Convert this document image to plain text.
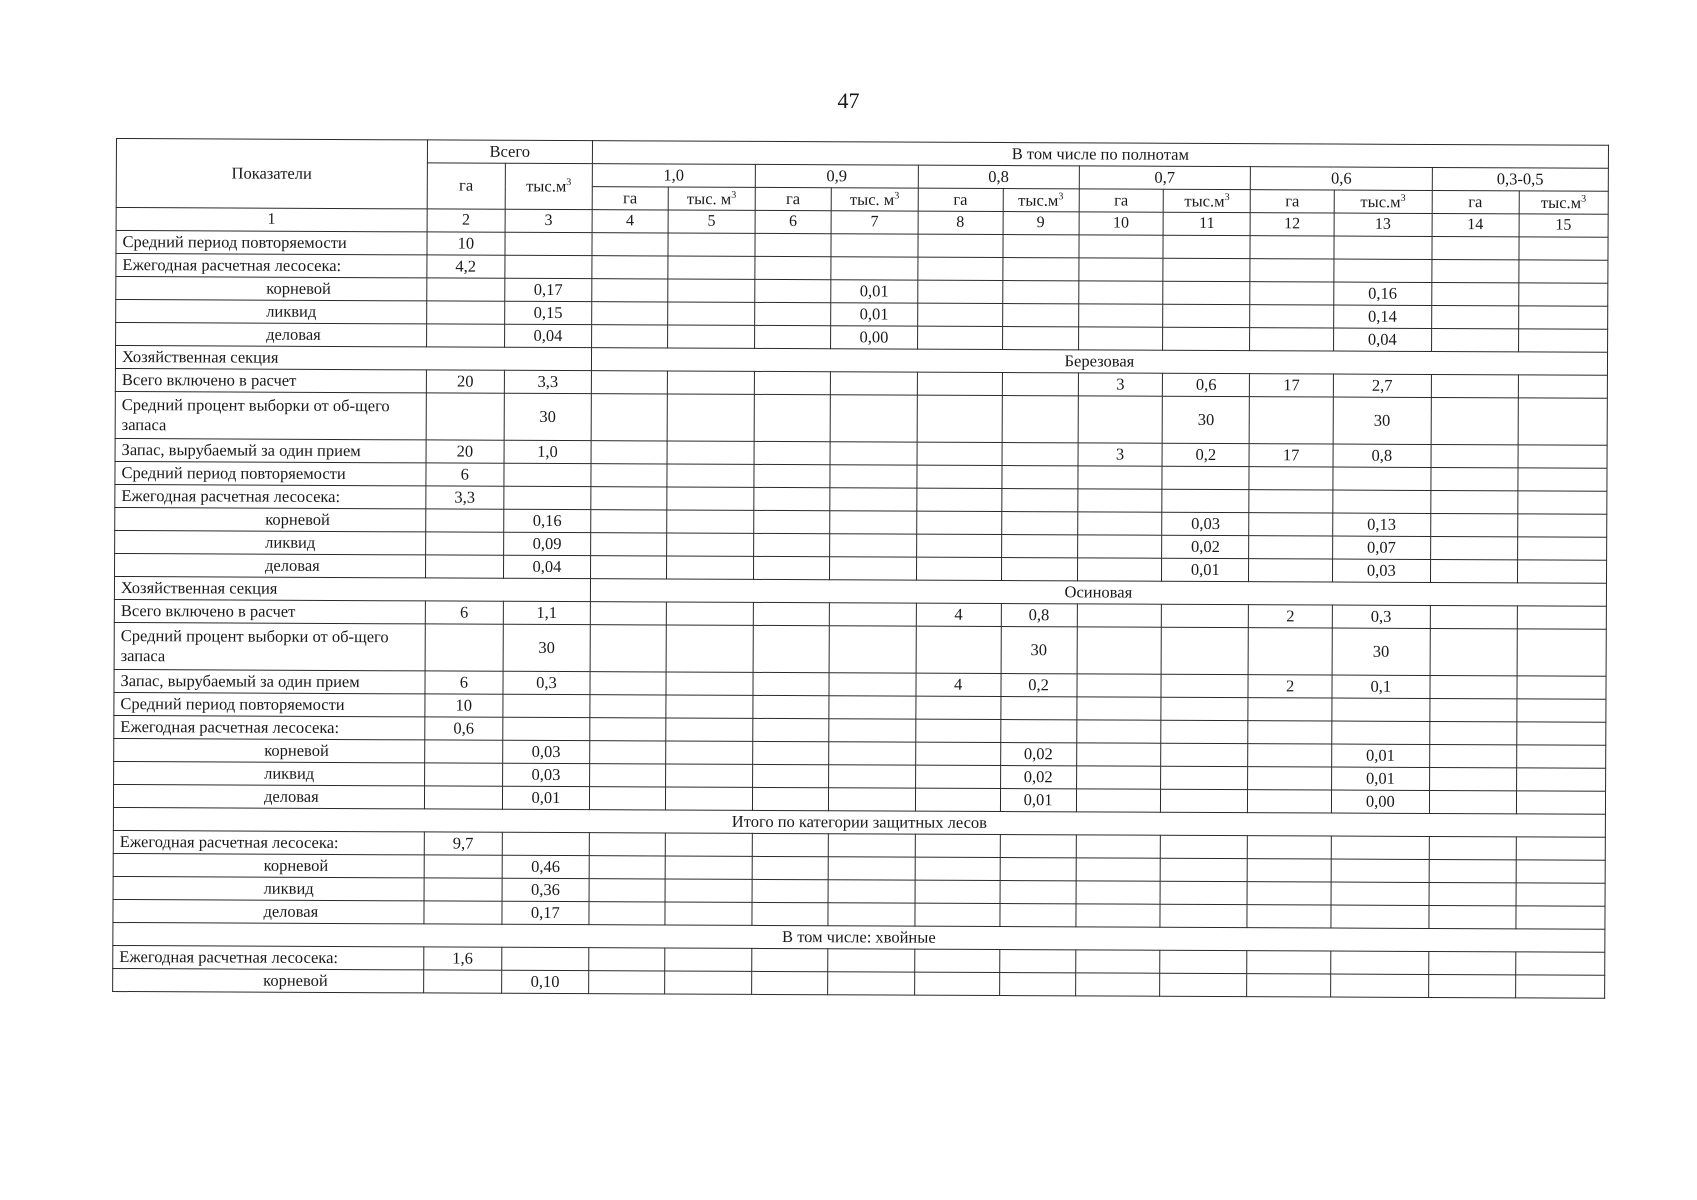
47
Показатели	Всего		В том числе по полнотам											
	га	$тыс.м^3$	1,0		0,9		0,8		0,7		0,6		0,3-0,5	
			га	тыс. $м^3$	га	тыс. $м^3$	га	$тыс.м^3$	га	$тыс.м^3$	га	$тыс.м^3$	га	$тыс.м^3$
1	2	3	4	5	6	7	8	9	10	11	12	13	14	15
Средний период повторяемости	10													
Ежегодная расчетная лесосека:	4,2													
корневой		0,17				0,01						0,16		
ликвид		0,15				0,01						0,14		
деловая		0,04				0,00						0,04		
Хозяйственная секция			Березовая											
Всего включено в расчет	20	3,3							3	0,6	17	2,7		
Средний процент выборки от об-щего запаса		30								30		30		
Запас, вырубаемый за один прием	20	1,0							3	0,2	17	0,8		
Средний период повторяемости	6													
Ежегодная расчетная лесосека:	3,3													
корневой		0,16								0,03		0,13		
ликвид		0,09								0,02		0,07		
деловая		0,04								0,01		0,03		
Хозяйственная секция			Осиновая											
Всего включено в расчет	6	1,1					4	0,8			2	0,3		
Средний процент выборки от об-щего запаса		30						30				30		
Запас, вырубаемый за один прием	6	0,3					4	0,2			2	0,1		
Средний период повторяемости	10													
Ежегодная расчетная лесосека:	0,6													
корневой		0,03						0,02				0,01		
ликвид		0,03						0,02				0,01		
деловая		0,01						0,01				0,00		
Итого по категории защитных лесов														
Ежегодная расчетная лесосека:	9,7													
корневой		0,46												
ликвид		0,36												
деловая		0,17												
В том числе: хвойные														
Ежегодная расчетная лесосека:	1,6													
корневой		0,10												
